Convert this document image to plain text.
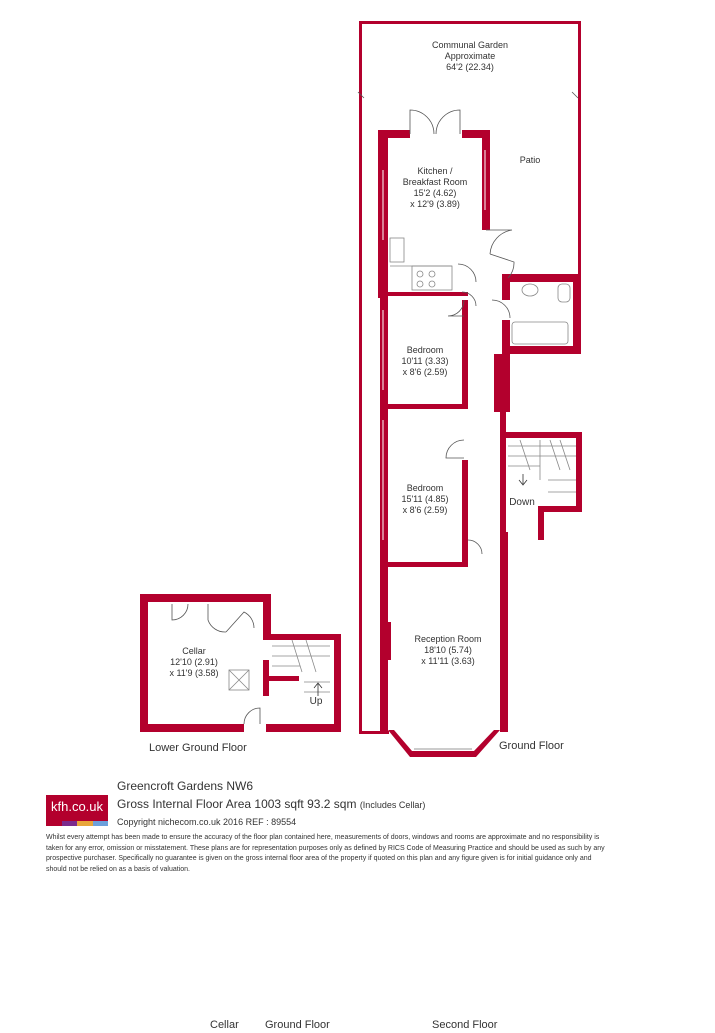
Communal Garden
Approximate
64'2 (22.34)
Patio
Kitchen /
Breakfast Room
15'2 (4.62)
x 12'9 (3.89)
Bedroom
10'11 (3.33)
x 8'6 (2.59)
Bedroom
15'11 (4.85)
x 8'6 (2.59)
Reception Room
18'10 (5.74)
x 11'11 (3.63)
Cellar
12'10 (2.91)
x 11'9 (3.58)
Down
Up
Lower Ground Floor	Ground Floor
kfh.co.uk
Greencroft Gardens NW6
Gross Internal Floor Area 1003 sqft 93.2 sqm (Includes Cellar)
Copyright nichecom.co.uk 2016 REF : 89554
Whilst every attempt has been made to ensure the accuracy of the floor plan contained here, measurements of doors, windows and rooms are approximate and no responsibility is taken for any error, omission or misstatement. These plans are for representation purposes only as defined by RICS Code of Measuring Practice and should be used as such by any prospective purchaser. Specifically no guarantee is given on the gross internal floor area of the property if quoted on this plan and any figure given is for initial guidance only and should not be relied on as a basis of valuation.
Cellar Ground Floor	Second Floor
